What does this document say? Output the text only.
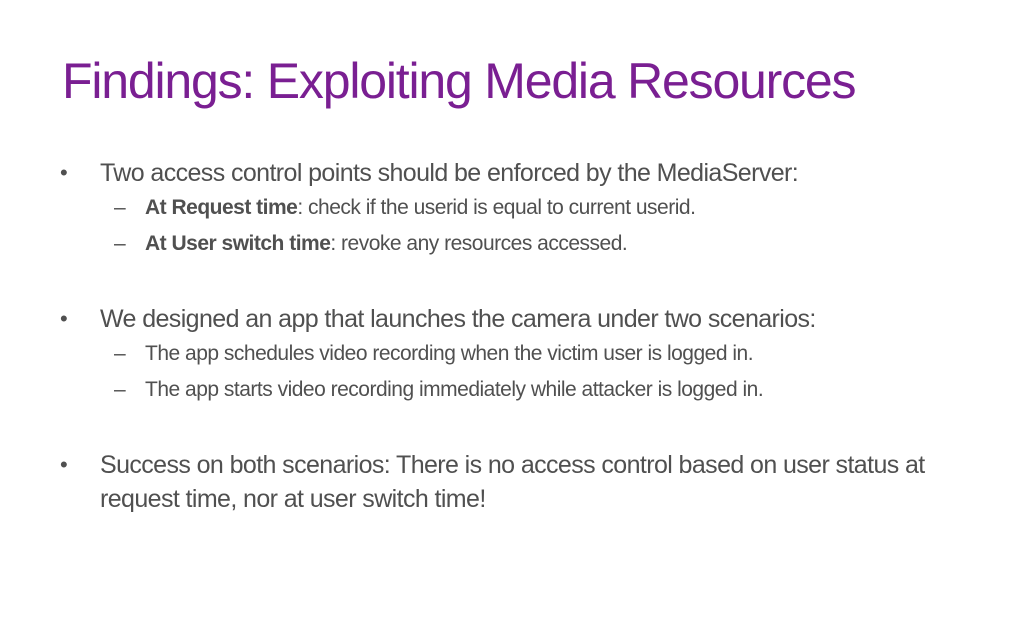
Findings: Exploiting Media Resources
• Two access control points should be enforced by the MediaServer:
– At Request time: check if the userid is equal to current userid.
– At User switch time: revoke any resources accessed.
• We designed an app that launches the camera under two scenarios:
– The app schedules video recording when the victim user is logged in.
– The app starts video recording immediately while attacker is logged in.
• Success on both scenarios: There is no access control based on user status at request time, nor at user switch time!
